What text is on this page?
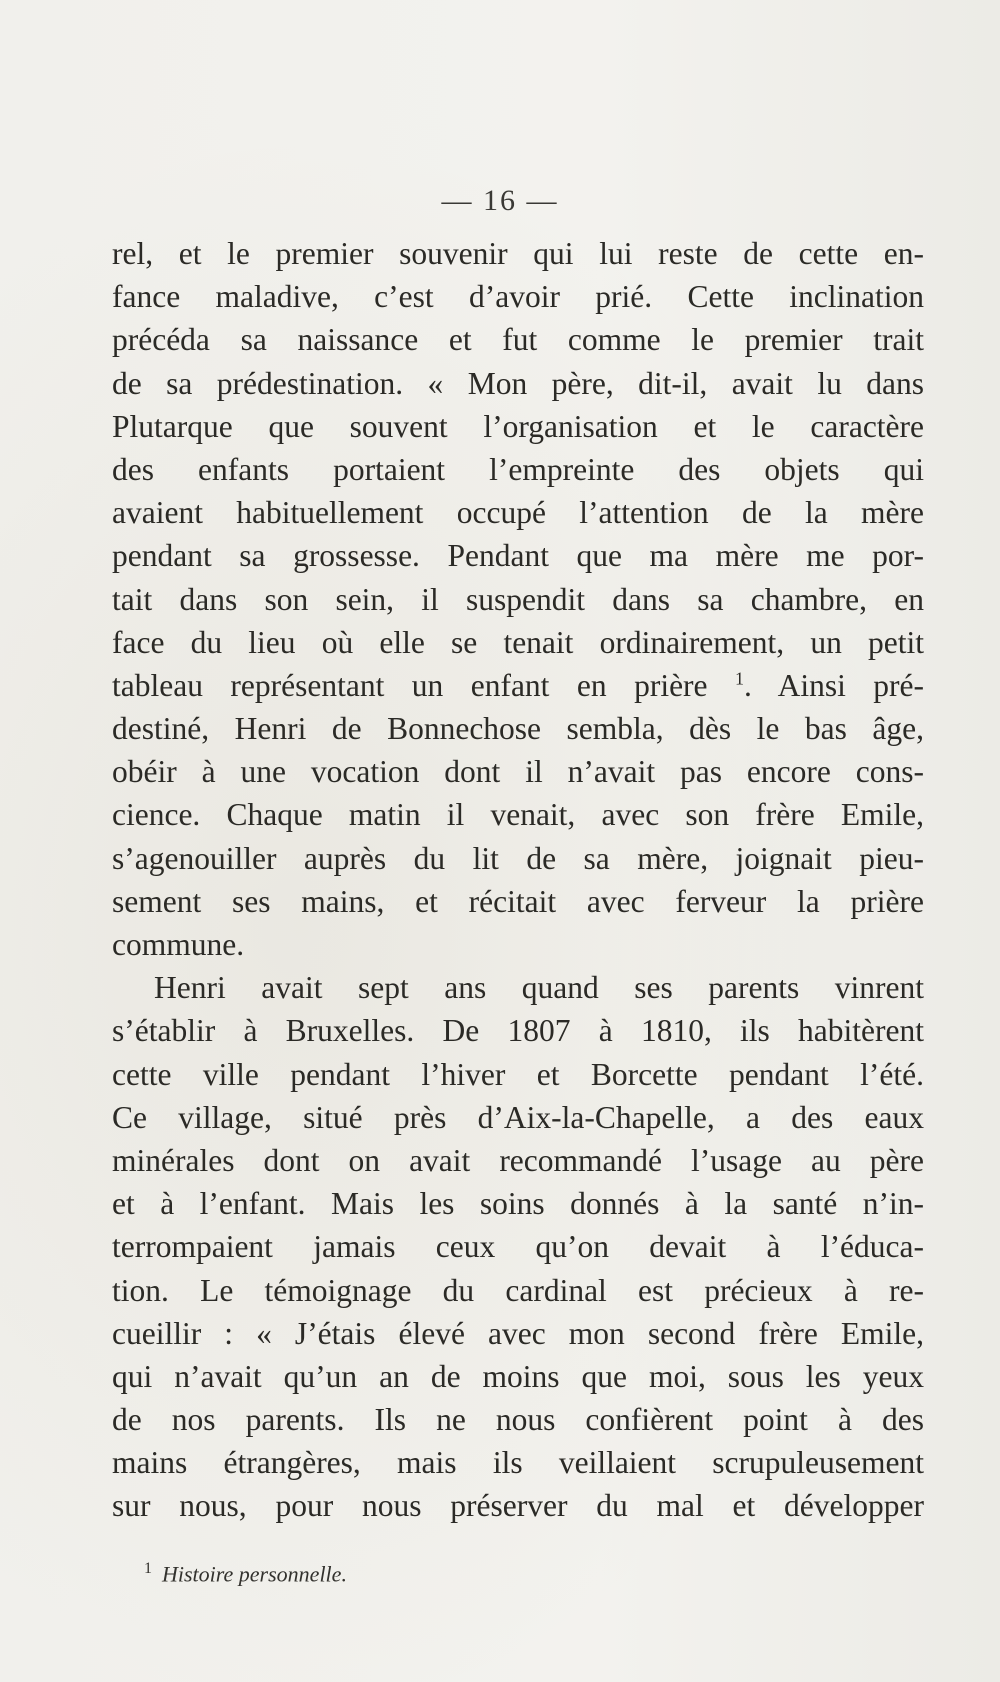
— 16 —
rel, et le premier souvenir qui lui reste de cette en-
fance maladive, c’est d’avoir prié. Cette inclination
précéda sa naissance et fut comme le premier trait
de sa prédestination. « Mon père, dit-il, avait lu dans
Plutarque que souvent l’organisation et le caractère
des enfants portaient l’empreinte des objets qui
avaient habituellement occupé l’attention de la mère
pendant sa grossesse. Pendant que ma mère me por-
tait dans son sein, il suspendit dans sa chambre, en
face du lieu où elle se tenait ordinairement, un petit
tableau représentant un enfant en prière $^1$. Ainsi pré-
destiné, Henri de Bonnechose sembla, dès le bas âge,
obéir à une vocation dont il n’avait pas encore cons-
cience. Chaque matin il venait, avec son frère Emile,
s’agenouiller auprès du lit de sa mère, joignait pieu-
sement ses mains, et récitait avec ferveur la prière
commune.
Henri avait sept ans quand ses parents vinrent
s’établir à Bruxelles. De 1807 à 1810, ils habitèrent
cette ville pendant l’hiver et Borcette pendant l’été.
Ce village, situé près d’Aix-la-Chapelle, a des eaux
minérales dont on avait recommandé l’usage au père
et à l’enfant. Mais les soins donnés à la santé n’in-
terrompaient jamais ceux qu’on devait à l’éduca-
tion. Le témoignage du cardinal est précieux à re-
cueillir : « J’étais élevé avec mon second frère Emile,
qui n’avait qu’un an de moins que moi, sous les yeux
de nos parents. Ils ne nous confièrent point à des
mains étrangères, mais ils veillaient scrupuleusement
sur nous, pour nous préserver du mal et développer
$^1$ Histoire personnelle.
